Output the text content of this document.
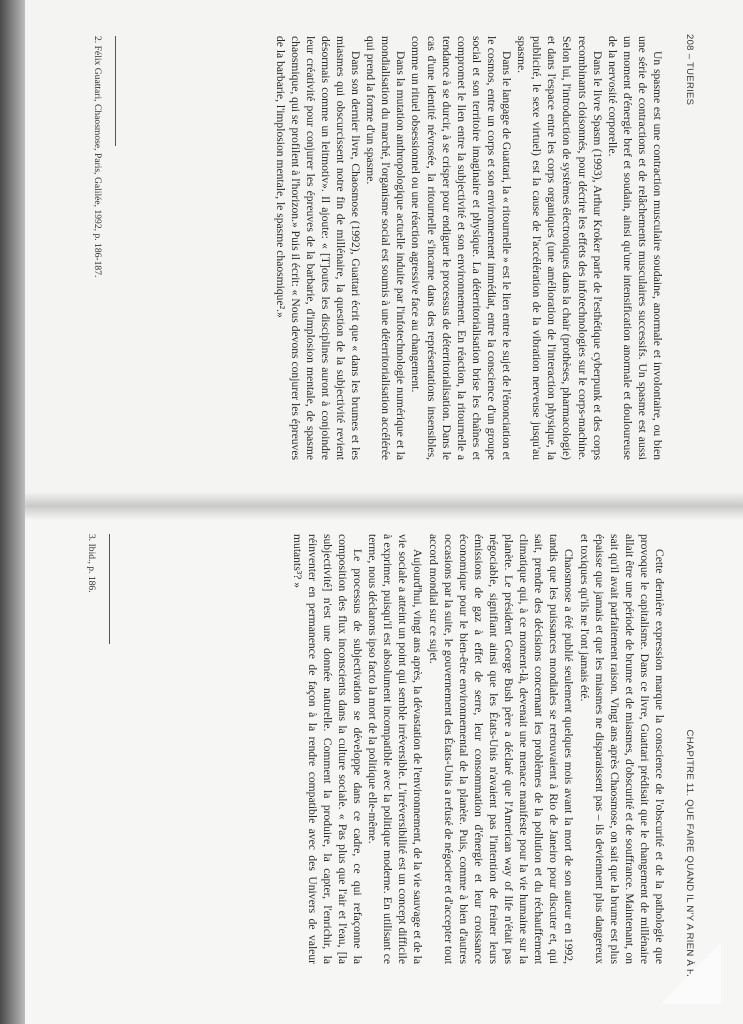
208 – TUERIES

Un spasme est une contraction musculaire soudaine, anormale et involontaire, ou bien une série de contractions et de relâchements musculaires successifs. Un spasme est aussi un moment d'énergie bref et soudain, ainsi qu'une intensification anormale et douloureuse de la nervosité corporelle.

Dans le livre Spasm (1993), Arthur Kroker parle de l'esthétique cyberpunk et des corps recombinants cloisonnés, pour décrire les effets des infotechnologies sur le corps-machine. Selon lui, l'introduction de systèmes électroniques dans la chair (prothèses, pharmacologie) et dans l'espace entre les corps organiques (une amélioration de l'interaction physique, la publicité, le sexe virtuel) est la cause de l'accélération de la vibration nerveuse jusqu'au spasme.

Dans le langage de Guattari, la « ritournelle » est le lien entre le sujet de l'énonciation et le cosmos, entre un corps et son environnement immédiat, entre la conscience d'un groupe social et son territoire imaginaire et physique. La déterritorialisation brise les chaînes et compromet le lien entre la subjectivité et son environnement. En réaction, la ritournelle a tendance à se durcir, à se crisper pour endiguer le processus de déterritorialisation. Dans le cas d'une identité névrosée, la ritournelle s'incarne dans des représentations insensibles, comme un rituel obsessionnel ou une réaction agressive face au changement.

Dans la mutation anthropologique actuelle induite par l'infotechnologie numérique et la mondialisation du marché, l'organisme social est soumis à une déterritorialisation accélérée qui prend la forme d'un spasme.

Dans son dernier livre, Chaosmose (1992), Guattari écrit que « dans les brumes et les miasmes qui obscurcissent notre fin de millénaire, la question de la subjectivité revient désormais comme un leitmotiv». Il ajoute: « [T]outes les disciplines auront à conjoindre leur créativité pour conjurer les épreuves de la barbarie, d'implosion mentale, de spasme chaosmique, qui se profilent à l'horizon.» Puis il écrit: « Nous devons conjurer les épreuves de la barbarie, l'implosion mentale, le spasme chaosmique².»

2. Félix Guattari, Chaosmose, Paris, Galilée, 1992, p. 186-187.
CHAPITRE 11. QUE FAIRE QUAND IL N'Y A RIEN À FAIRE

Cette dernière expression marque la conscience de l'obscurité et de la pathologie que provoque le capitalisme. Dans ce livre, Guattari prédisait que le changement de millénaire allait être une période de brume et de miasmes, d'obscurité et de souffrance. Maintenant, on sait qu'il avait parfaitement raison. Vingt ans après Chaosmose, on sait que la brume est plus épaisse que jamais et que les miasmes ne disparaissent pas – ils deviennent plus dangereux et toxiques qu'ils ne l'ont jamais été.

Chaosmose a été publié seulement quelques mois avant la mort de son auteur en 1992, tandis que les puissances mondiales se retrouvaient à Rio de Janeiro pour discuter et, qui sait, prendre des décisions concernant les problèmes de la pollution et du réchauffement climatique qui, à ce moment-là, devenait une menace manifeste pour la vie humaine sur la planète. Le président George Bush père a déclaré que l'American way of life n'était pas négociable, signifiant ainsi que les États-Unis n'avaient pas l'intention de freiner leurs émissions de gaz à effet de serre, leur consommation d'énergie et leur croissance économique pour le bien-être environnemental de la planète. Puis, comme à bien d'autres occasions par la suite, le gouvernement des États-Unis a refusé de négocier et d'accepter tout accord mondial sur ce sujet.

Aujourd'hui, vingt ans après, la dévastation de l'environnement, de la vie sauvage et de la vie sociale a atteint un point qui semble irréversible. L'irréversibilité est un concept difficile à exprimer, puisqu'il est absolument incompatible avec la politique moderne. En utilisant ce terme, nous déclarons ipso facto la mort de la politique elle-même.

Le processus de subjectivation se développe dans ce cadre, ce qui refaçonne la composition des flux inconscients dans la culture sociale. « Pas plus que l'air et l'eau, [la subjectivité] n'est une donnée naturelle. Comment la produire, la capter, l'enrichir, la réinventer en permanence de façon à la rendre compatible avec des Univers de valeur mutants³? »

3. Ibid., p. 186.
